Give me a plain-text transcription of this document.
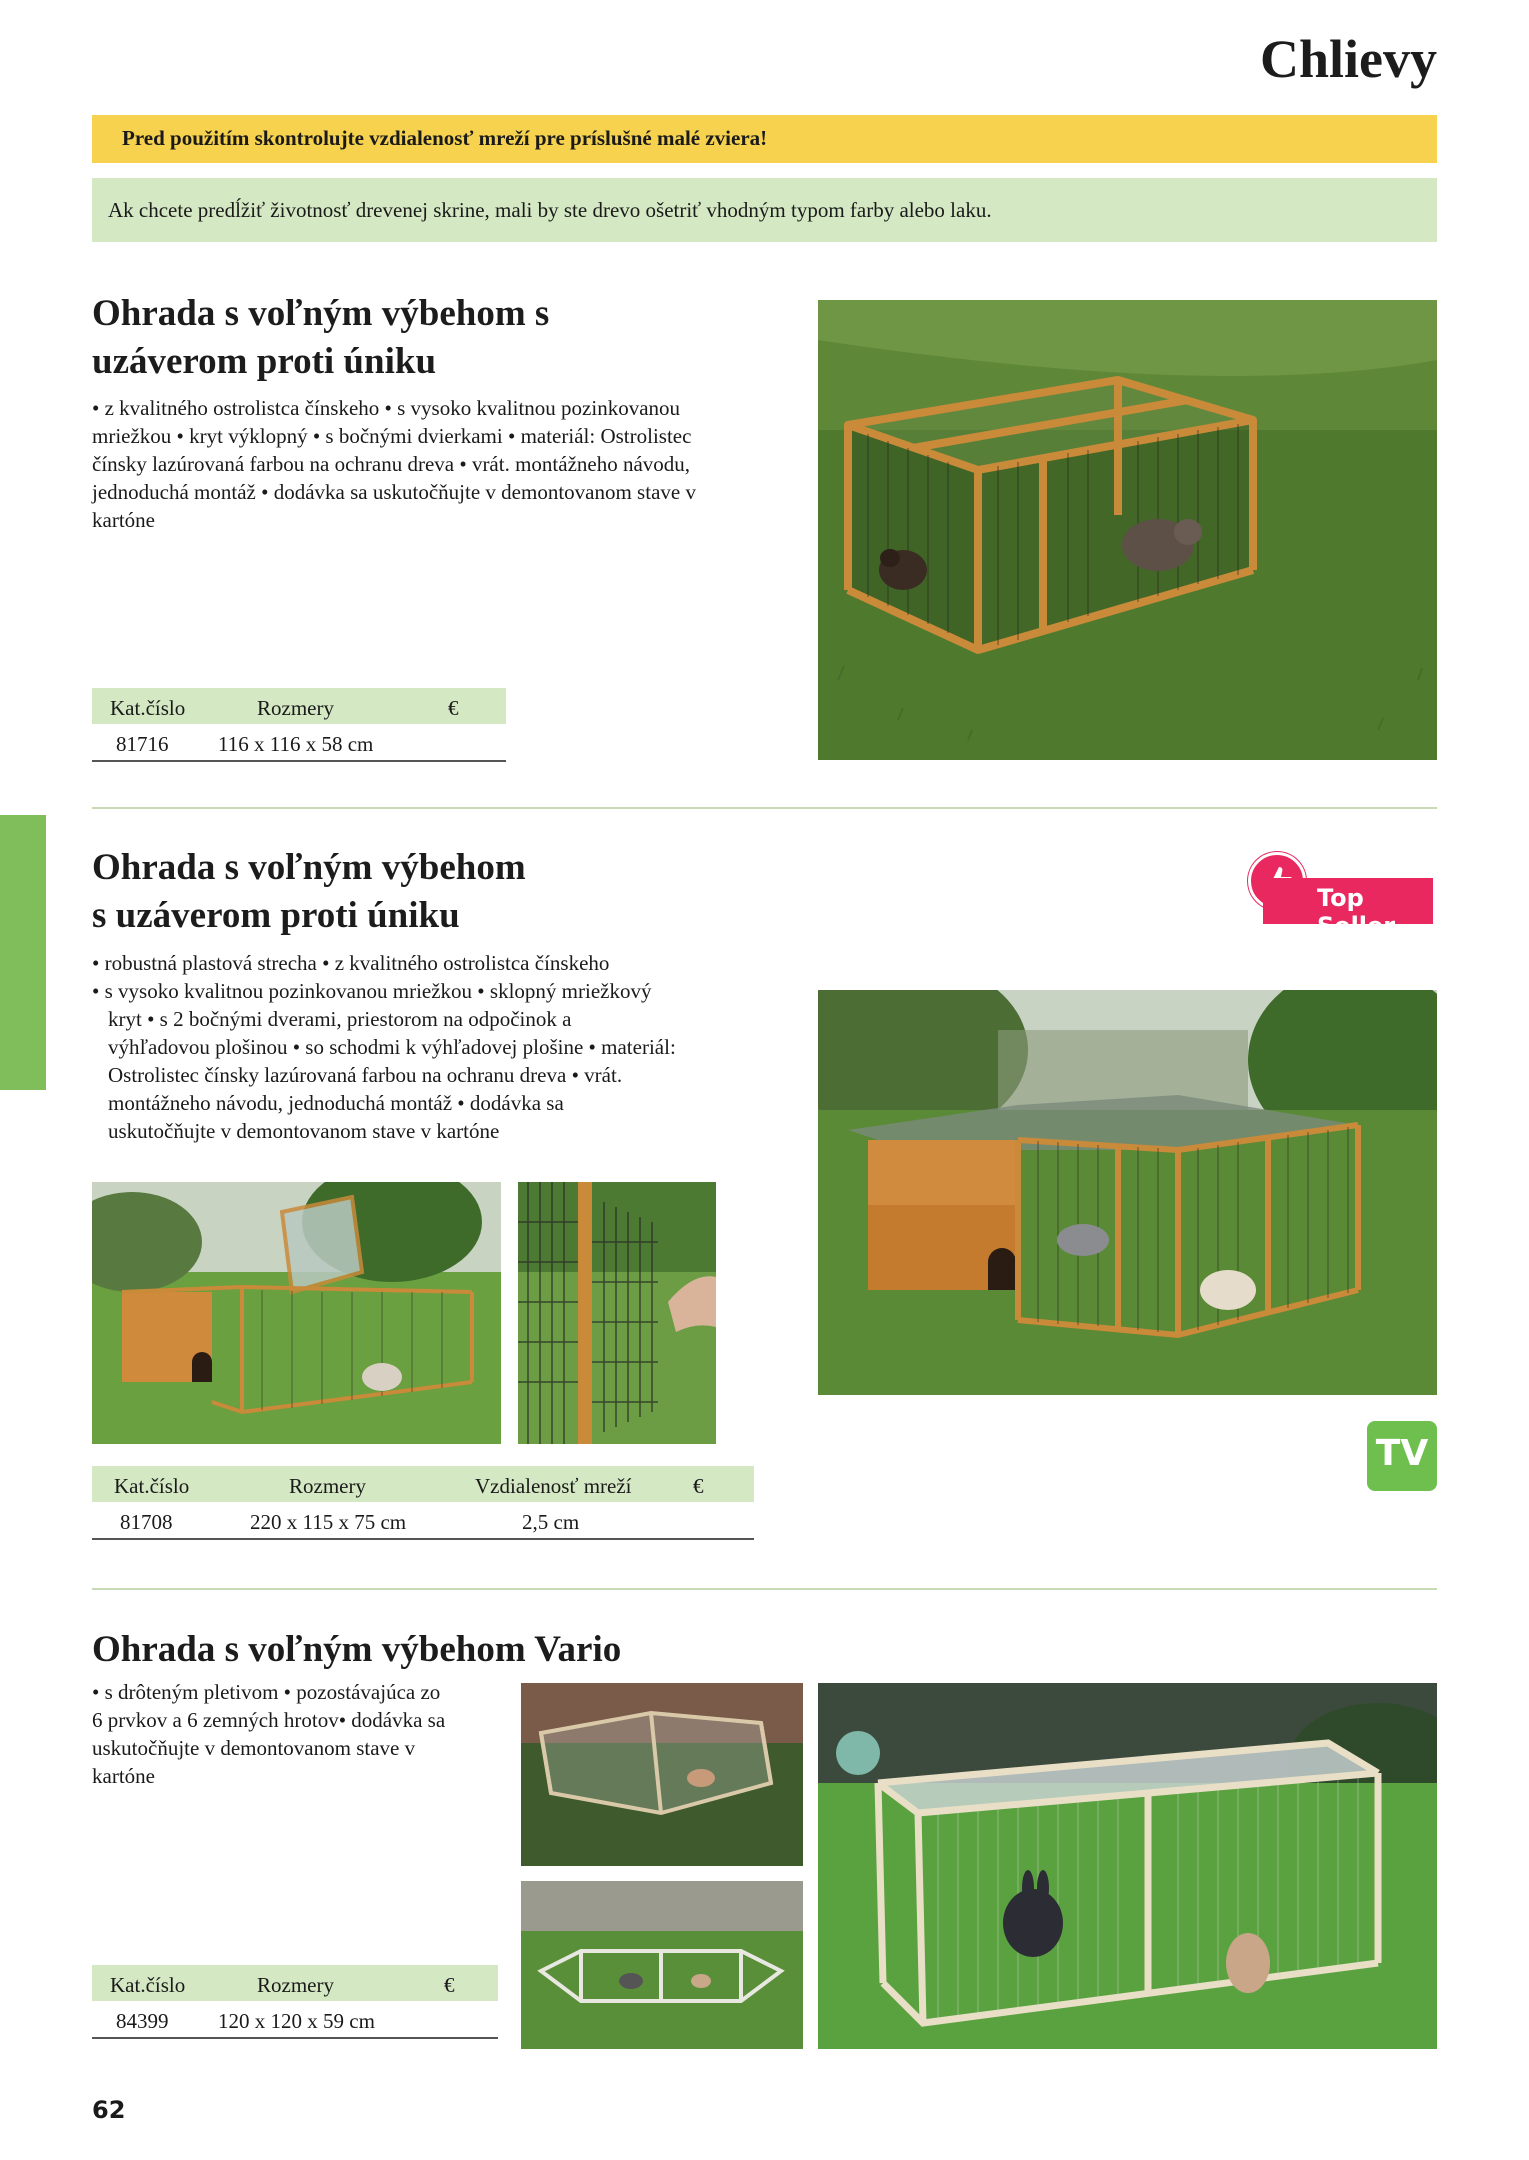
Chlievy
Pred použitím skontrolujte vzdialenosť mreží pre príslušné malé zviera!
Ak chcete predĺžiť životnosť drevenej skrine, mali by ste drevo ošetriť vhodným typom farby alebo laku.
Ohrada s voľným výbehom s
uzáverom proti úniku
• z kvalitného ostrolistca čínskeho • s vysoko kvalitnou pozinkovanou
mriežkou • kryt výklopný • s bočnými dvierkami • materiál: Ostrolistec
čínsky lazúrovaná farbou na ochranu dreva • vrát. montážneho návodu,
jednoduchá montáž • dodávka sa uskutočňujte v demontovanom stave v
kartóne
Kat.číslo	Rozmery	€
81716 116 x 116 x 58 cm
Ohrada s voľným výbehom
s uzáverom proti úniku	Top Seller
• robustná plastová strecha • z kvalitného ostrolistca čínskeho
• s vysoko kvalitnou pozinkovanou mriežkou • sklopný mriežkový
kryt • s 2 bočnými dverami, priestorom na odpočinok a
výhľadovou plošinou • so schodmi k výhľadovej plošine • materiál:
Ostrolistec čínsky lazúrovaná farbou na ochranu dreva • vrát.
montážneho návodu, jednoduchá montáž • dodávka sa
uskutočňujte v demontovanom stave v kartóne
TV
Kat.číslo	Rozmery	Vzdialenosť mreží	€
81708	220 x 115 x 75 cm	2,5 cm
Ohrada s voľným výbehom Vario
• s drôteným pletivom • pozostávajúca zo
6 prvkov a 6 zemných hrotov• dodávka sa
uskutočňujte v demontovanom stave v
kartóne
Kat.číslo	Rozmery	€
84399 120 x 120 x 59 cm
62
